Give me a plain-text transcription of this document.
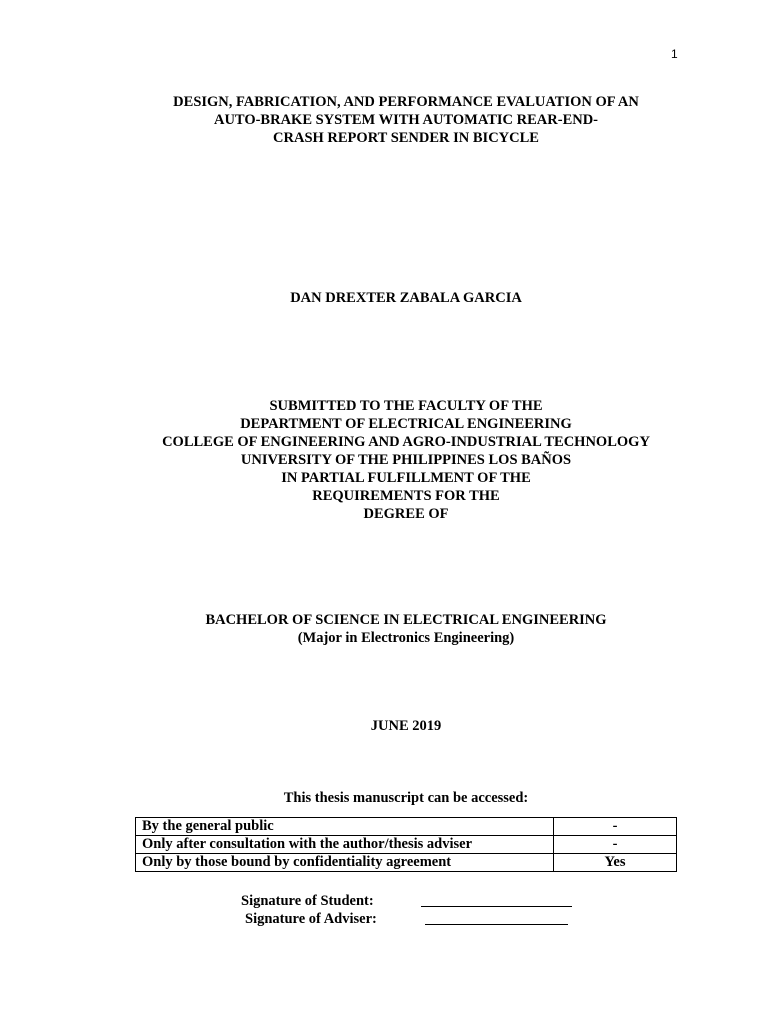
1
DESIGN, FABRICATION, AND PERFORMANCE EVALUATION OF AN
AUTO-BRAKE SYSTEM WITH AUTOMATIC REAR-END-
CRASH REPORT SENDER IN BICYCLE
DAN DREXTER ZABALA GARCIA
SUBMITTED TO THE FACULTY OF THE
DEPARTMENT OF ELECTRICAL ENGINEERING
COLLEGE OF ENGINEERING AND AGRO-INDUSTRIAL TECHNOLOGY
UNIVERSITY OF THE PHILIPPINES LOS BAÑOS
IN PARTIAL FULFILLMENT OF THE
REQUIREMENTS FOR THE
DEGREE OF
BACHELOR OF SCIENCE IN ELECTRICAL ENGINEERING
(Major in Electronics Engineering)
JUNE 2019
This thesis manuscript can be accessed:
By the general public	-
Only after consultation with the author/thesis adviser	-
Only by those bound by confidentiality agreement	Yes
Signature of Student:
Signature of Adviser:
